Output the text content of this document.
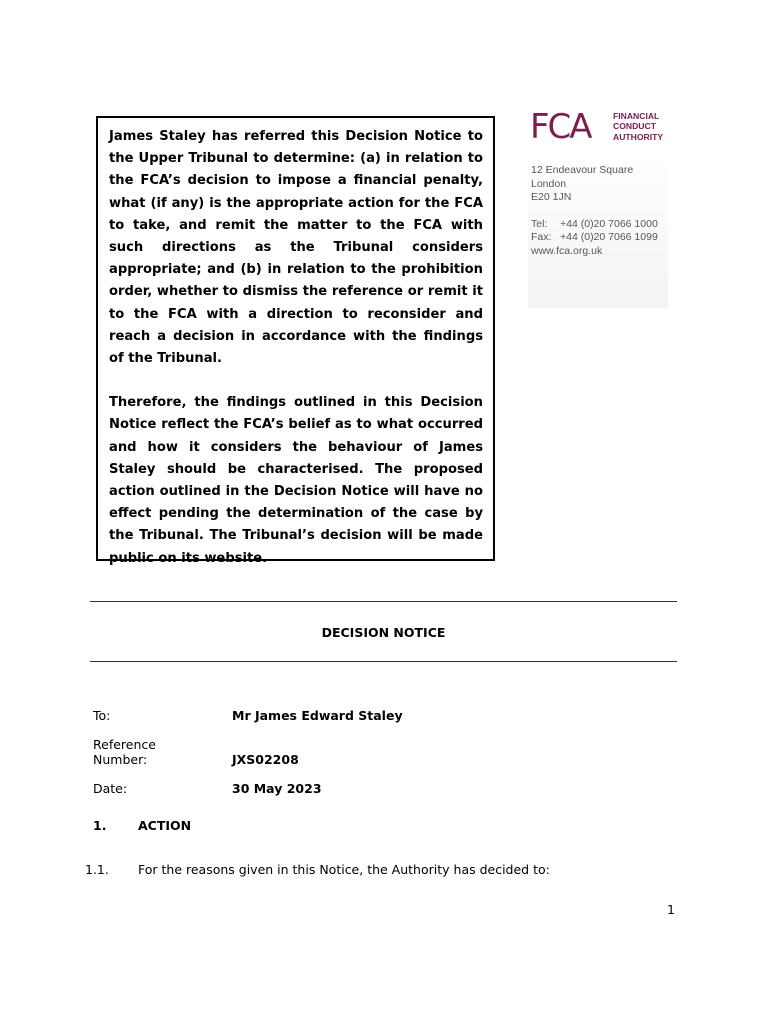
James Staley has referred this Decision Notice to the Upper Tribunal to determine: (a) in relation to the FCA’s decision to impose a financial penalty, what (if any) is the appropriate action for the FCA to take, and remit the matter to the FCA with such directions as the Tribunal considers appropriate; and (b) in relation to the prohibition order, whether to dismiss the reference or remit it to the FCA with a direction to reconsider and reach a decision in accordance with the findings of the Tribunal.

Therefore, the findings outlined in this Decision Notice reflect the FCA’s belief as to what occurred and how it considers the behaviour of James Staley should be characterised. The proposed action outlined in the Decision Notice will have no effect pending the determination of the case by the Tribunal. The Tribunal’s decision will be made public on its website.

FCA	FINANCIAL
CONDUCT
AUTHORITY
12 Endeavour Square
London
E20 1JN
Tel: +44 (0)20 7066 1000
Fax: +44 (0)20 7066 1099
www.fca.org.uk
DECISION NOTICE
To:	Mr James Edward Staley
Reference
Number:	JXS02208
Date:	30 May 2023
1.	ACTION
1.1. For the reasons given in this Notice, the Authority has decided to:
1
